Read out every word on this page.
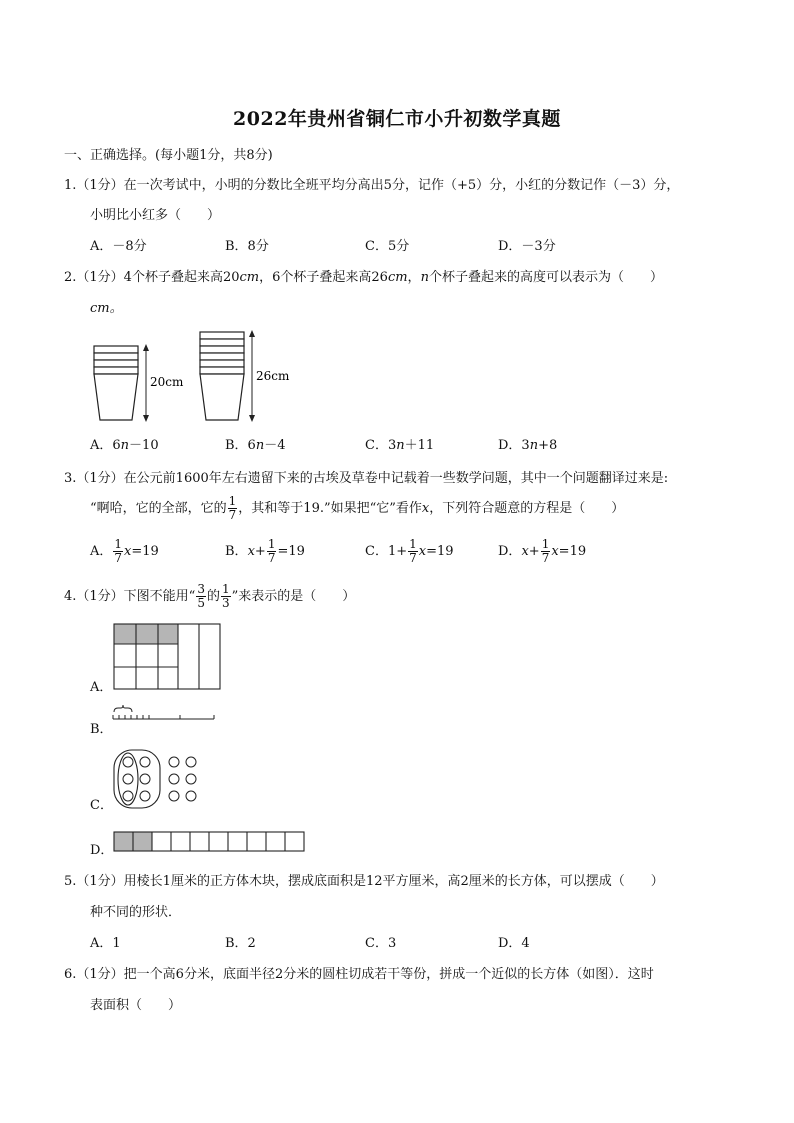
2022年贵州省铜仁市小升初数学真题
一、正确选择。(每小题1分，共8分)
1.（1分）在一次考试中，小明的分数比全班平均分高出5分，记作（+5）分，小红的分数记作（－3）分，
小明比小红多（　　）
A．－8分	B．8分	C．5分	D．－3分
2.（1分）4个杯子叠起来高20cm，6个杯子叠起来高26cm，n个杯子叠起来的高度可以表示为（　　）
cm。
20cm	26cm
A．6n－10	B．6n－4	C．3n＋11	D．3n+8
3.（1分）在公元前1600年左右遗留下来的古埃及草卷中记载着一些数学问题，其中一个问题翻译过来是:
“啊哈，它的全部，它的 $\frac{1}{7}$ ，其和等于19.”如果把“它”看作x，下列符合题意的方程是（　　）
A． $\frac{1}{7} x=19$	B．$x+ \frac{1}{7} =19$	C．$1+ \frac{1}{7} x=19$	D．$x+ \frac{1}{7} x=19$
4.（1分）下图不能用“ $\frac{3}{5}$ 的 $\frac{1}{3}$ ”来表示的是（　　）
A．
B．
C．
D．
5.（1分）用棱长1厘米的正方体木块，摆成底面积是12平方厘米，高2厘米的长方体，可以摆成（　　）
种不同的形状．
A．1	B．2	C．3	D．4
6.（1分）把一个高6分米，底面半径2分米的圆柱切成若干等份，拼成一个近似的长方体（如图）．这时
表面积（　　）
